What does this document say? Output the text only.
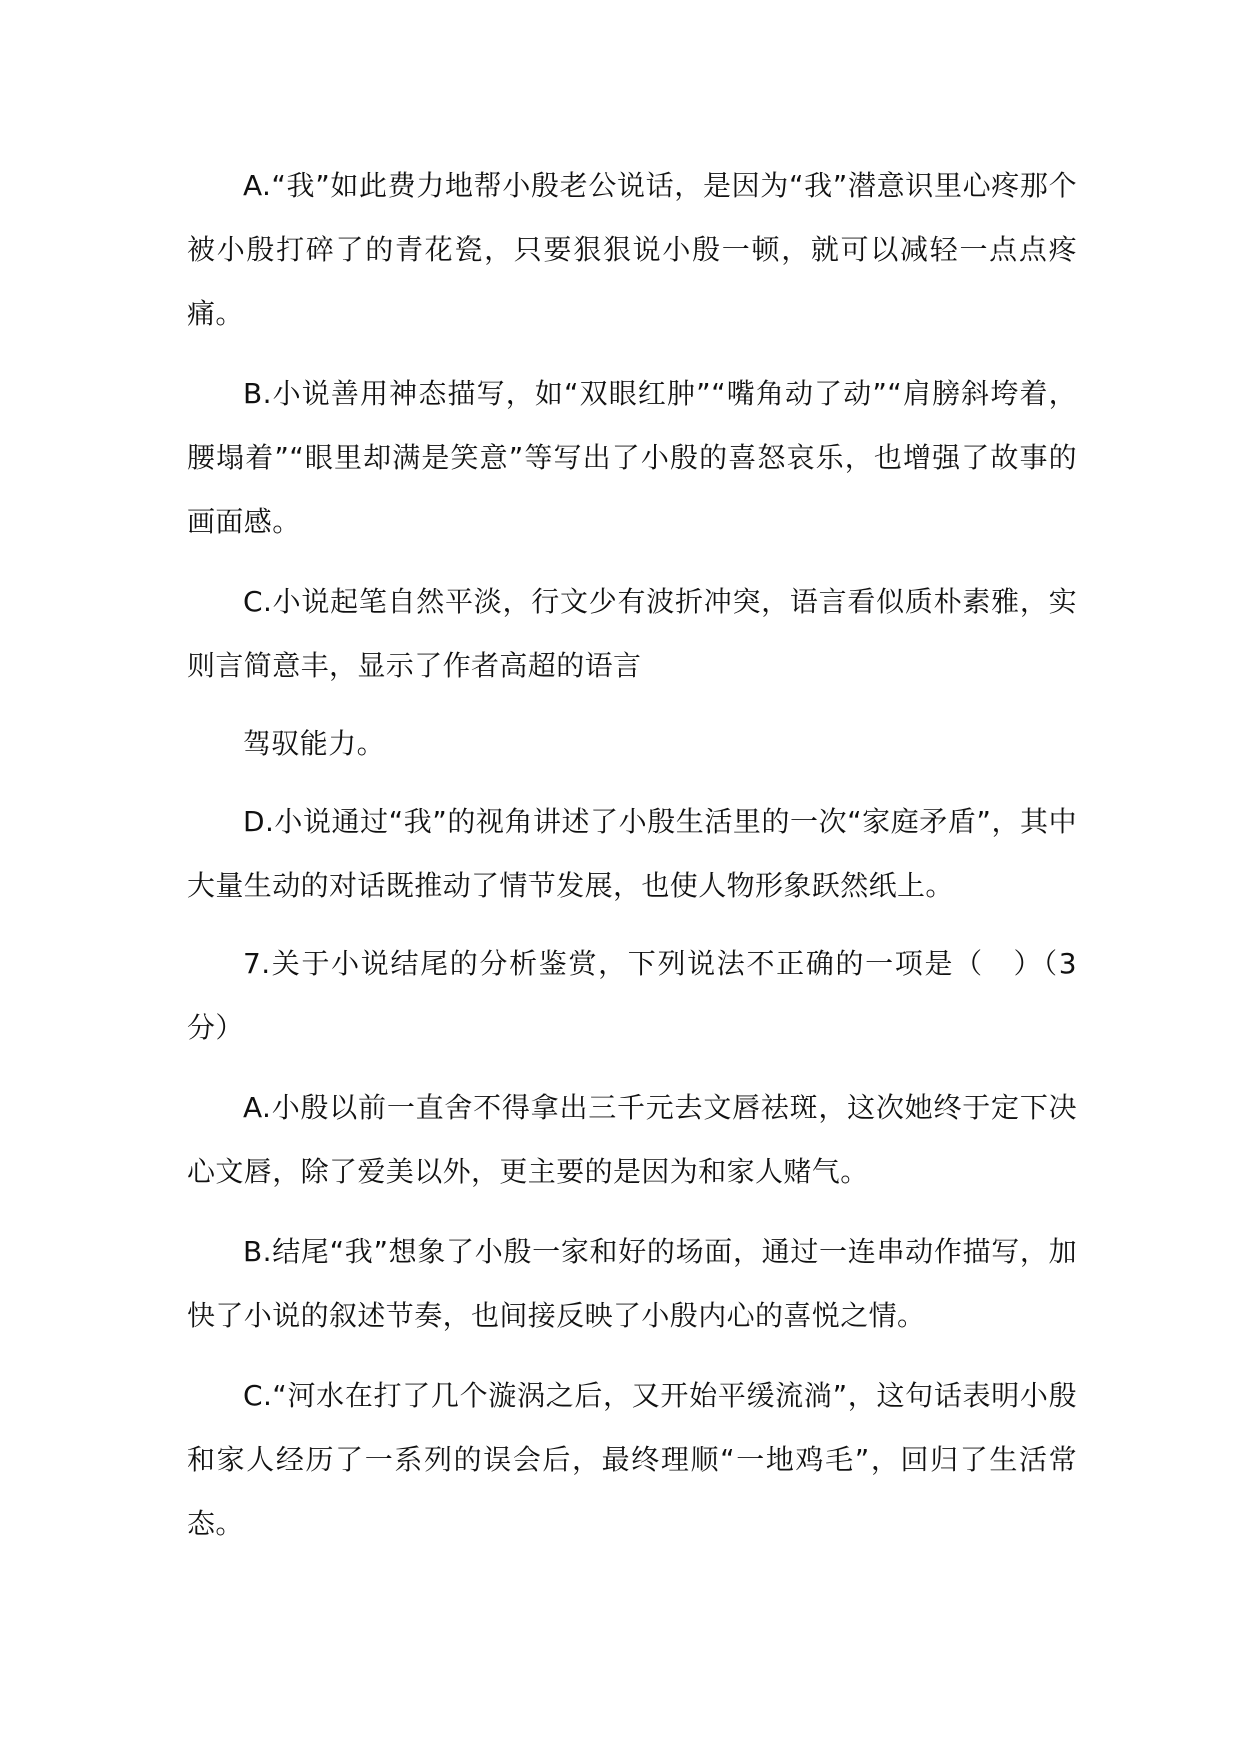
A.“我”如此费力地帮小殷老公说话，是因为“我”潜意识里心疼那个被小殷打碎了的青花瓷，只要狠狠说小殷一顿，就可以减轻一点点疼痛。

B.小说善用神态描写，如“双眼红肿”“嘴角动了动”“肩膀斜垮着，腰塌着”“眼里却满是笑意”等写出了小殷的喜怒哀乐，也增强了故事的画面感。

C.小说起笔自然平淡，行文少有波折冲突，语言看似质朴素雅，实则言简意丰，显示了作者高超的语言

驾驭能力。

D.小说通过“我”的视角讲述了小殷生活里的一次“家庭矛盾”，其中大量生动的对话既推动了情节发展，也使人物形象跃然纸上。

7.关于小说结尾的分析鉴赏，下列说法不正确的一项是（　）（3分）

A.小殷以前一直舍不得拿出三千元去文唇祛斑，这次她终于定下决心文唇，除了爱美以外，更主要的是因为和家人赌气。

B.结尾“我”想象了小殷一家和好的场面，通过一连串动作描写，加快了小说的叙述节奏，也间接反映了小殷内心的喜悦之情。

C.“河水在打了几个漩涡之后，又开始平缓流淌”，这句话表明小殷和家人经历了一系列的误会后，最终理顺“一地鸡毛”，回归了生活常态。
